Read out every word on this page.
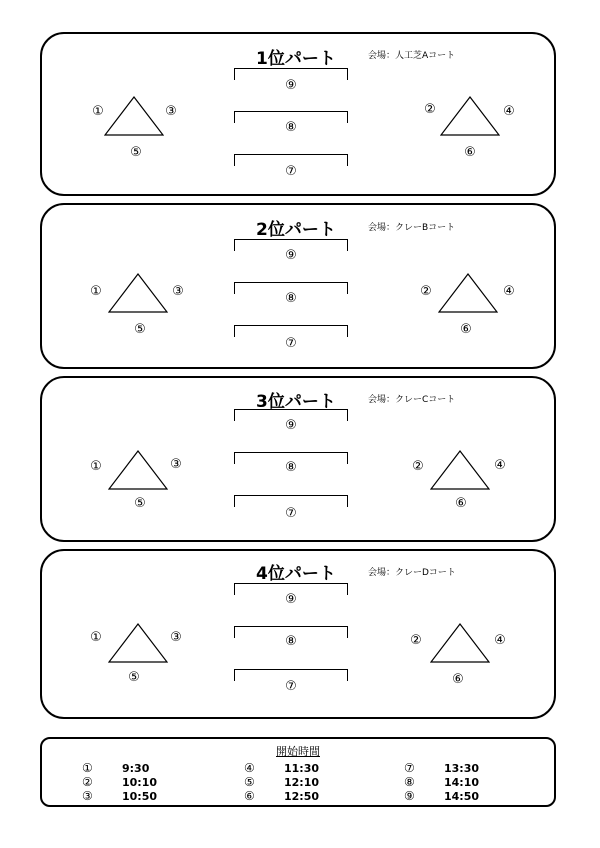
1位パート	会場：人工芝Aコート
⑨
⑧
⑦
①	③
⑤
②	④
⑥
2位パート	会場：クレーBコート
⑨
⑧
⑦
①	③
⑤
②	④
⑥
3位パート	会場：クレーCコート
⑨
⑧
⑦
①	③
⑤
②	④
⑥
4位パート	会場：クレーDコート
⑨
⑧
⑦
①	③
⑤
②	④
⑥
開始時間
①	9:30
②	10:10
③	10:50
④	11:30
⑤	12:10
⑥	12:50
⑦	13:30
⑧	14:10
⑨	14:50
